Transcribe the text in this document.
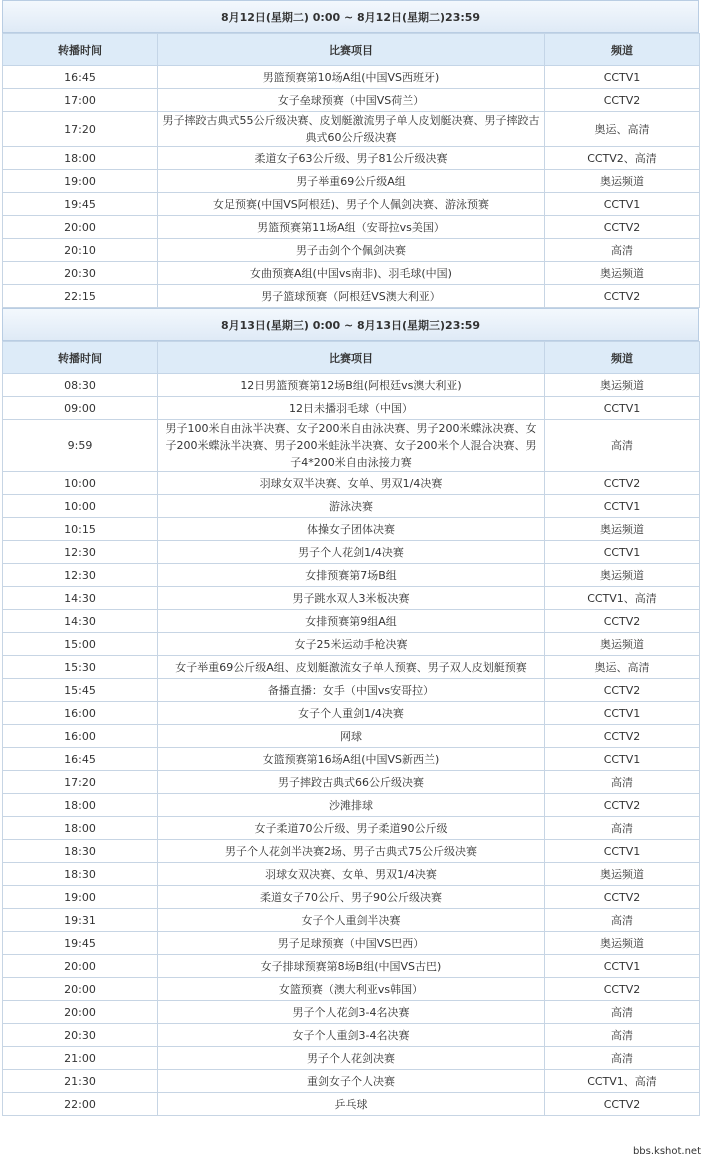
8月12日(星期二) 0:00 ~ 8月12日(星期二)23:59
转播时间	比赛项目	频道
16:45	男篮预赛第10场A组(中国VS西班牙)	CCTV1
17:00	女子垒球预赛（中国VS荷兰）	CCTV2
17:20	男子摔跤古典式55公斤级决赛、皮划艇激流男子单人皮划艇决赛、男子摔跤古典式60公斤级决赛	奥运、高清
18:00	柔道女子63公斤级、男子81公斤级决赛	CCTV2、高清
19:00	男子举重69公斤级A组	奥运频道
19:45	女足预赛(中国VS阿根廷)、男子个人佩剑决赛、游泳预赛	CCTV1
20:00	男篮预赛第11场A组（安哥拉vs美国）	CCTV2
20:10	男子击剑个个佩剑决赛	高清
20:30	女曲预赛A组(中国vs南非)、羽毛球(中国)	奥运频道
22:15	男子篮球预赛（阿根廷VS澳大利亚）	CCTV2
8月13日(星期三) 0:00 ~ 8月13日(星期三)23:59
转播时间	比赛项目	频道
08:30	12日男篮预赛第12场B组(阿根廷vs澳大利亚)	奥运频道
09:00	12日未播羽毛球（中国）	CCTV1
9:59	男子100米自由泳半决赛、女子200米自由泳决赛、男子200米蝶泳决赛、女子200米蝶泳半决赛、男子200米蛙泳半决赛、女子200米个人混合决赛、男子4*200米自由泳接力赛	高清
10:00	羽球女双半决赛、女单、男双1/4决赛	CCTV2
10:00	游泳决赛	CCTV1
10:15	体操女子团体决赛	奥运频道
12:30	男子个人花剑1/4决赛	CCTV1
12:30	女排预赛第7场B组	奥运频道
14:30	男子跳水双人3米板决赛	CCTV1、高清
14:30	女排预赛第9组A组	CCTV2
15:00	女子25米运动手枪决赛	奥运频道
15:30	女子举重69公斤级A组、皮划艇激流女子单人预赛、男子双人皮划艇预赛	奥运、高清
15:45	备播直播：女手（中国vs安哥拉）	CCTV2
16:00	女子个人重剑1/4决赛	CCTV1
16:00	网球	CCTV2
16:45	女篮预赛第16场A组(中国VS新西兰)	CCTV1
17:20	男子摔跤古典式66公斤级决赛	高清
18:00	沙滩排球	CCTV2
18:00	女子柔道70公斤级、男子柔道90公斤级	高清
18:30	男子个人花剑半决赛2场、男子古典式75公斤级决赛	CCTV1
18:30	羽球女双决赛、女单、男双1/4决赛	奥运频道
19:00	柔道女子70公斤、男子90公斤级决赛	CCTV2
19:31	女子个人重剑半决赛	高清
19:45	男子足球预赛（中国VS巴西）	奥运频道
20:00	女子排球预赛第8场B组(中国VS古巴)	CCTV1
20:00	女篮预赛（澳大利亚vs韩国）	CCTV2
20:00	男子个人花剑3-4名决赛	高清
20:30	女子个人重剑3-4名决赛	高清
21:00	男子个人花剑决赛	高清
21:30	重剑女子个人决赛	CCTV1、高清
22:00	乒乓球	CCTV2
bbs.kshot.net
